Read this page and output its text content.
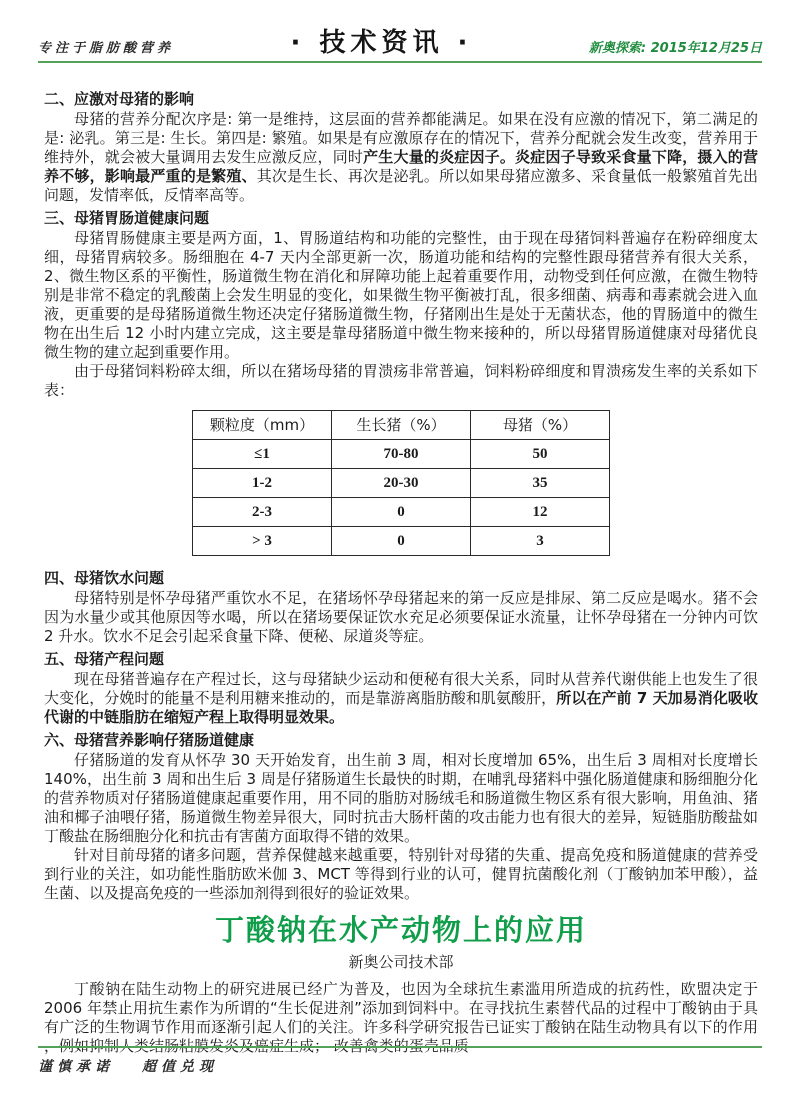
专注于脂肪酸营养	· 技术资讯 ·	新奥探索: 2015年12月25日
二、应激对母猪的影响

母猪的营养分配次序是: 第一是维持，这层面的营养都能满足。如果在没有应激的情况下，第二满足的是: 泌乳。第三是: 生长。第四是: 繁殖。如果是有应激原存在的情况下，营养分配就会发生改变，营养用于维持外，就会被大量调用去发生应激反应，同时产生大量的炎症因子。炎症因子导致采食量下降，摄入的营养不够，影响最严重的是繁殖、其次是生长、再次是泌乳。所以如果母猪应激多、采食量低一般繁殖首先出问题，发情率低，反情率高等。

三、母猪胃肠道健康问题

母猪胃肠健康主要是两方面，1、胃肠道结构和功能的完整性，由于现在母猪饲料普遍存在粉碎细度太细，母猪胃病较多。肠细胞在 4-7 天内全部更新一次，肠道功能和结构的完整性跟母猪营养有很大关系，2、微生物区系的平衡性，肠道微生物在消化和屏障功能上起着重要作用，动物受到任何应激，在微生物特别是非常不稳定的乳酸菌上会发生明显的变化，如果微生物平衡被打乱，很多细菌、病毒和毒素就会进入血液，更重要的是母猪肠道微生物还决定仔猪肠道微生物，仔猪刚出生是处于无菌状态，他的胃肠道中的微生物在出生后 12 小时内建立完成，这主要是靠母猪肠道中微生物来接种的，所以母猪胃肠道健康对母猪优良微生物的建立起到重要作用。

由于母猪饲料粉碎太细，所以在猪场母猪的胃溃疡非常普遍，饲料粉碎细度和胃溃疡发生率的关系如下表：

颗粒度（mm）	生长猪（%）	母猪（%）
≤1	70-80	50
1-2	20-30	35
2-3	0	12
> 3	0	3
四、母猪饮水问题

母猪特别是怀孕母猪严重饮水不足，在猪场怀孕母猪起来的第一反应是排尿、第二反应是喝水。猪不会因为水量少或其他原因等水喝，所以在猪场要保证饮水充足必须要保证水流量，让怀孕母猪在一分钟内可饮 2 升水。饮水不足会引起采食量下降、便秘、尿道炎等症。

五、母猪产程问题

现在母猪普遍存在产程过长，这与母猪缺少运动和便秘有很大关系，同时从营养代谢供能上也发生了很大变化，分娩时的能量不是利用糖来推动的，而是靠游离脂肪酸和肌氨酸肝，所以在产前 7 天加易消化吸收代谢的中链脂肪在缩短产程上取得明显效果。

六、母猪营养影响仔猪肠道健康

仔猪肠道的发育从怀孕 30 天开始发育，出生前 3 周，相对长度增加 65%，出生后 3 周相对长度增长 140%，出生前 3 周和出生后 3 周是仔猪肠道生长最快的时期，在哺乳母猪料中强化肠道健康和肠细胞分化的营养物质对仔猪肠道健康起重要作用，用不同的脂肪对肠绒毛和肠道微生物区系有很大影响，用鱼油、猪油和椰子油喂仔猪，肠道微生物差异很大，同时抗击大肠杆菌的攻击能力也有很大的差异，短链脂肪酸盐如丁酸盐在肠细胞分化和抗击有害菌方面取得不错的效果。

针对目前母猪的诸多问题，营养保健越来越重要，特别针对母猪的失重、提高免疫和肠道健康的营养受到行业的关注，如功能性脂肪欧米伽 3、MCT 等得到行业的认可，健胃抗菌酸化剂（丁酸钠加苯甲酸），益生菌、以及提高免疫的一些添加剂得到很好的验证效果。

丁酸钠在水产动物上的应用

新奥公司技术部

丁酸钠在陆生动物上的研究进展已经广为普及，也因为全球抗生素滥用所造成的抗药性，欧盟决定于 2006 年禁止用抗生素作为所谓的“生长促进剂”添加到饲料中。在寻找抗生素替代品的过程中丁酸钠由于具有广泛的生物调节作用而逐渐引起人们的关注。许多科学研究报告已证实丁酸钠在陆生动物具有以下的作用 ，例如抑制人类结肠粘膜发炎及癌症生成； 改善禽类的蛋壳品质

谨慎承诺 超值兑现
